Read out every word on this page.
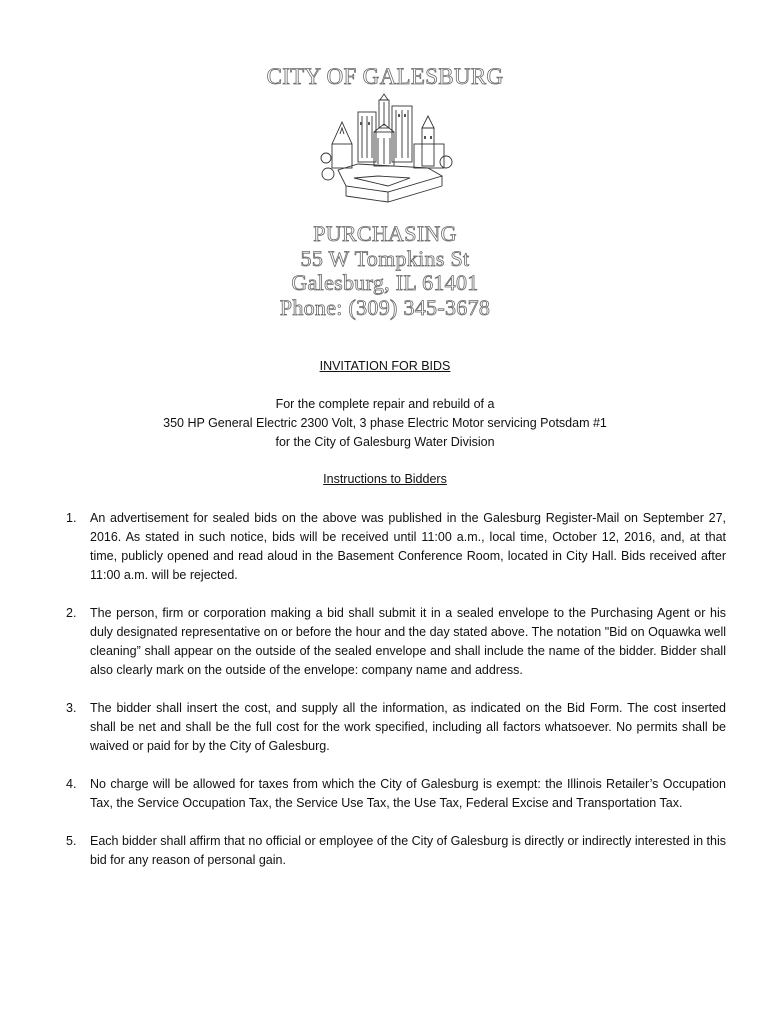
CITY OF GALESBURG
PURCHASING
55 W Tompkins St
Galesburg, IL 61401
Phone: (309) 345-3678
INVITATION FOR BIDS
For the complete repair and rebuild of a
350 HP General Electric 2300 Volt, 3 phase Electric Motor servicing Potsdam #1
for the City of Galesburg Water Division
Instructions to Bidders
1. An advertisement for sealed bids on the above was published in the Galesburg Register-Mail on September 27, 2016. As stated in such notice, bids will be received until 11:00 a.m., local time, October 12, 2016, and, at that time, publicly opened and read aloud in the Basement Conference Room, located in City Hall. Bids received after 11:00 a.m. will be rejected.
2. The person, firm or corporation making a bid shall submit it in a sealed envelope to the Purchasing Agent or his duly designated representative on or before the hour and the day stated above. The notation "Bid on Oquawka well cleaning” shall appear on the outside of the sealed envelope and shall include the name of the bidder. Bidder shall also clearly mark on the outside of the envelope: company name and address.
3. The bidder shall insert the cost, and supply all the information, as indicated on the Bid Form. The cost inserted shall be net and shall be the full cost for the work specified, including all factors whatsoever. No permits shall be waived or paid for by the City of Galesburg.
4. No charge will be allowed for taxes from which the City of Galesburg is exempt: the Illinois Retailer’s Occupation Tax, the Service Occupation Tax, the Service Use Tax, the Use Tax, Federal Excise and Transportation Tax.
5. Each bidder shall affirm that no official or employee of the City of Galesburg is directly or indirectly interested in this bid for any reason of personal gain.
